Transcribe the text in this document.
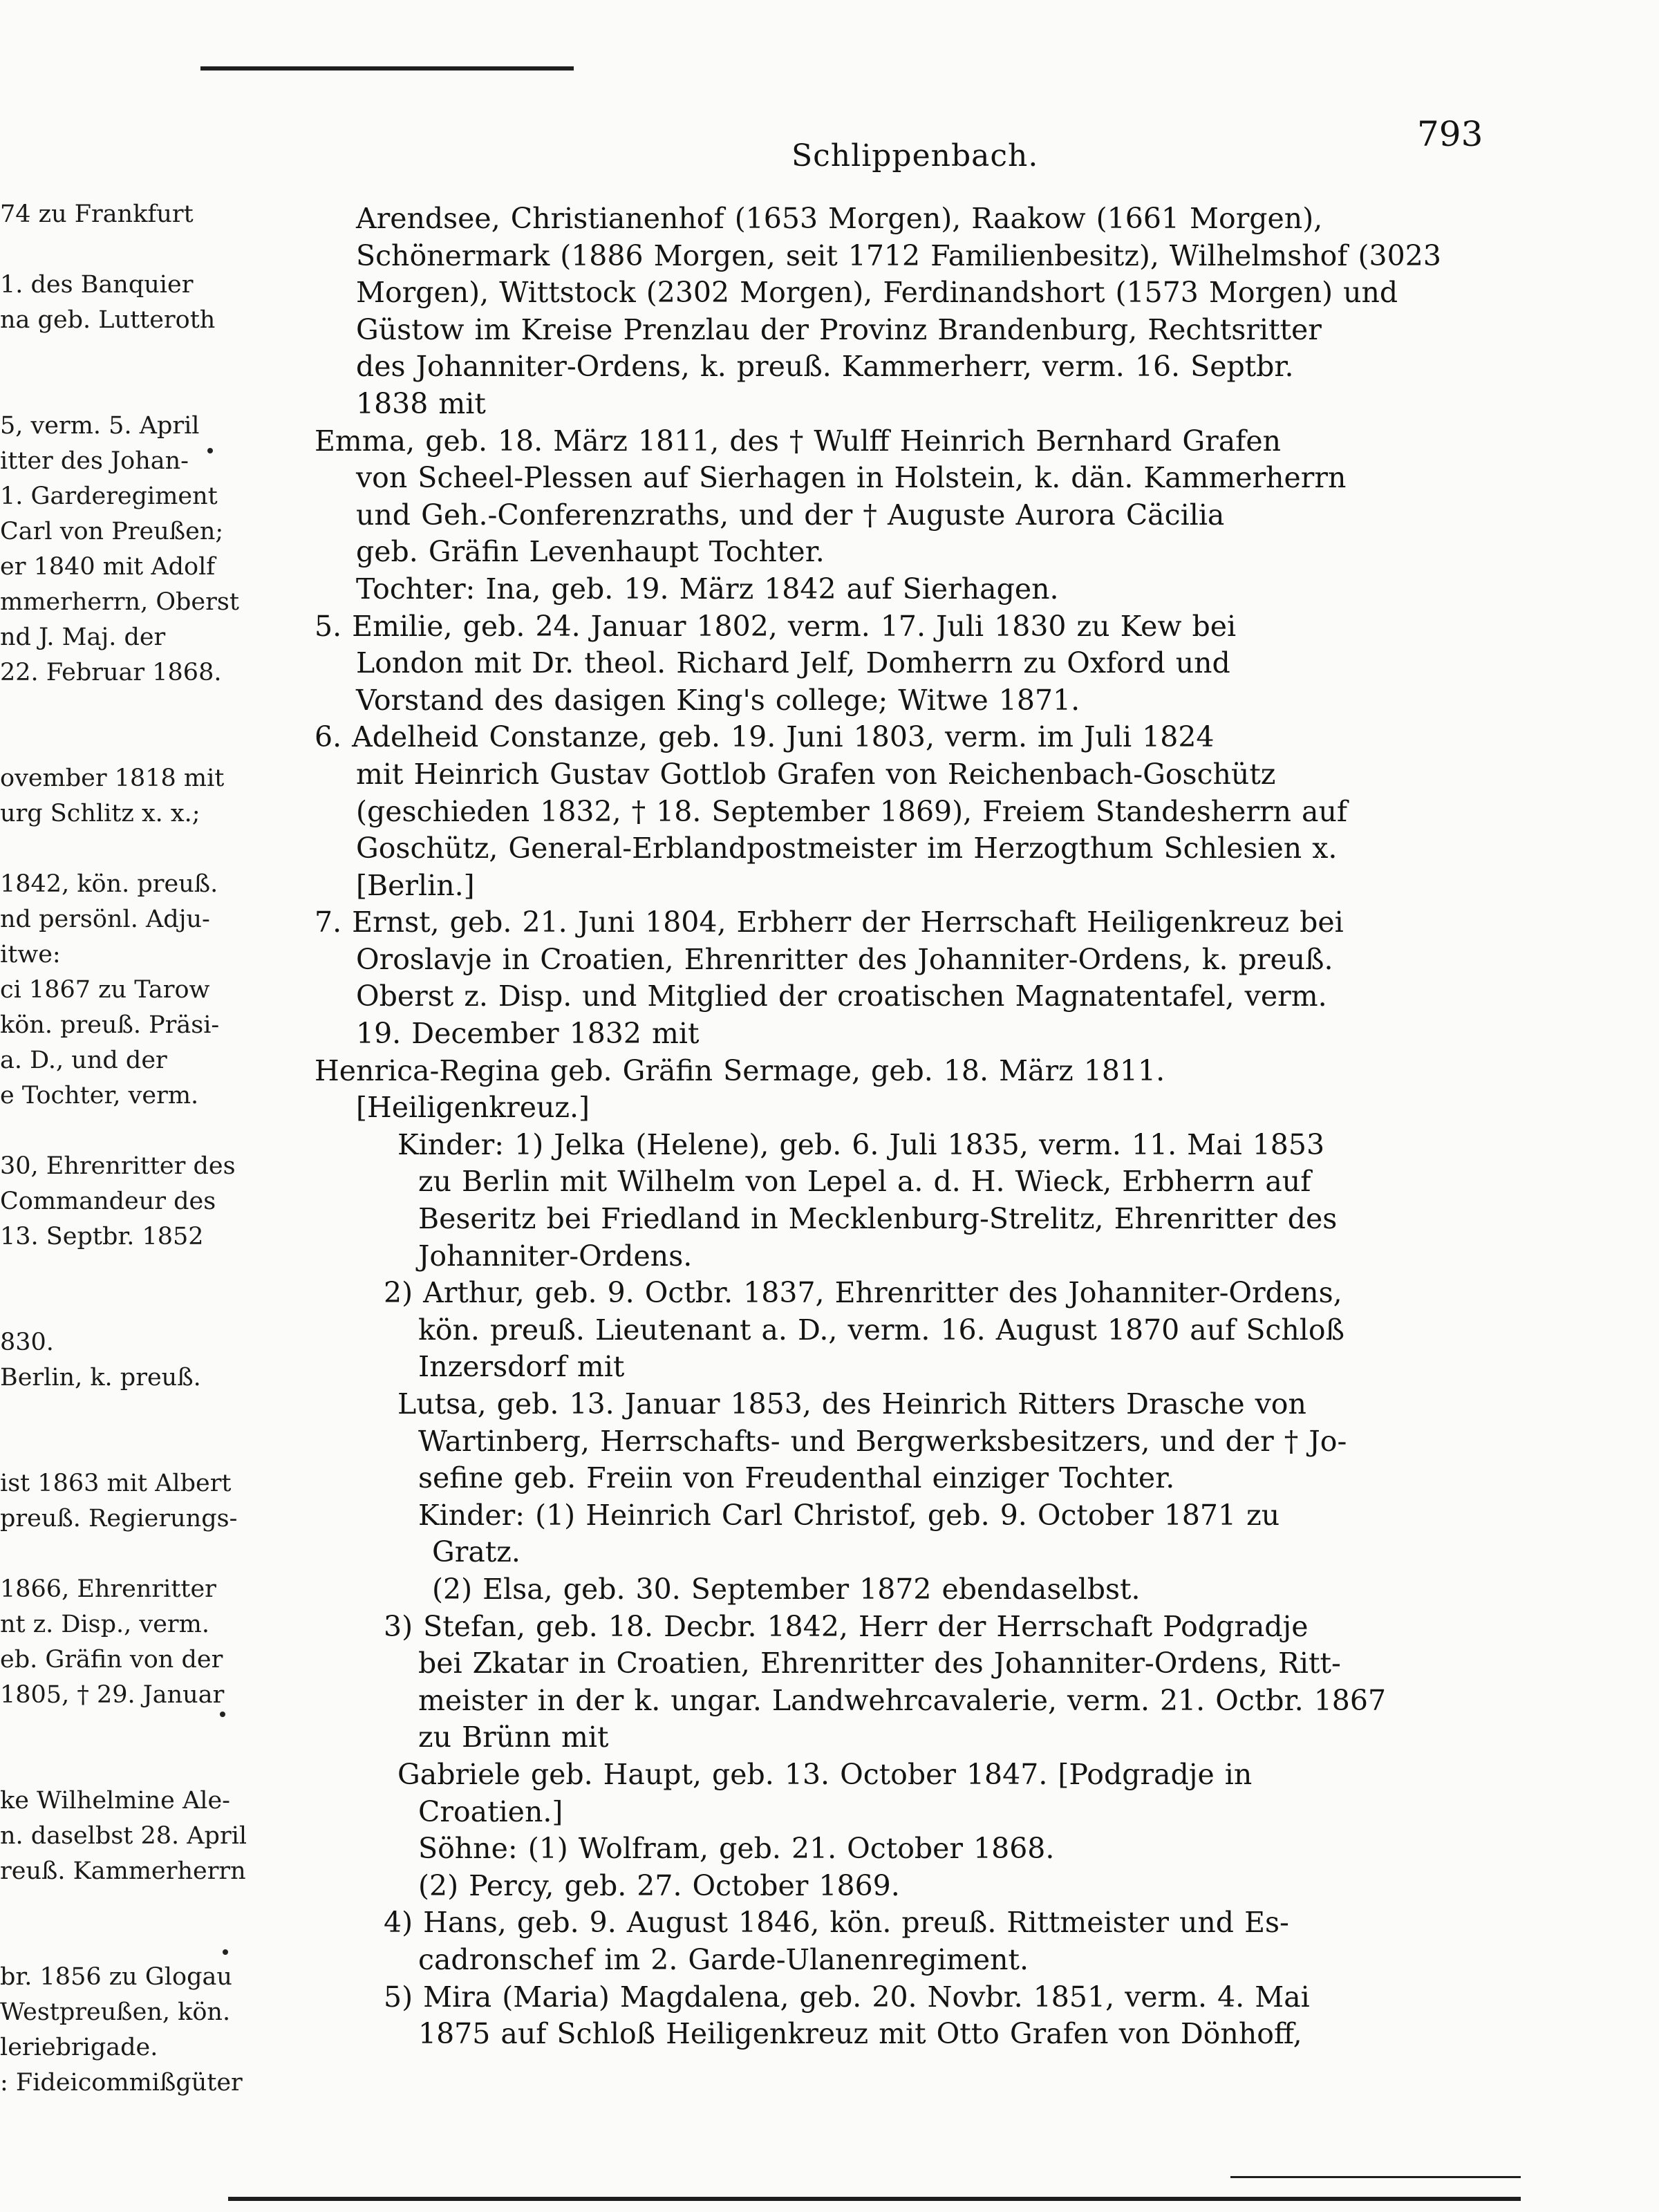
793
Schlippenbach.
74 zu Frankfurt
1. des Banquier
na geb. Lutteroth
5, verm. 5. April
itter des Johan-
1. Garderegiment
Carl von Preußen;
er 1840 mit Adolf
mmerherrn, Oberst
nd J. Maj. der
22. Februar 1868.
ovember 1818 mit
urg Schlitz x. x.;
1842, kön. preuß.
nd persönl. Adju-
itwe:
ci 1867 zu Tarow
kön. preuß. Präsi-
a. D., und der
e Tochter, verm.
30, Ehrenritter des
Commandeur des
13. Septbr. 1852
830.
Berlin, k. preuß.
ist 1863 mit Albert
preuß. Regierungs-
1866, Ehrenritter
nt z. Disp., verm.
eb. Gräfin von der
1805, † 29. Januar
ke Wilhelmine Ale-
n. daselbst 28. April
reuß. Kammerherrn
br. 1856 zu Glogau
Westpreußen, kön.
leriebrigade.
: Fideicommißgüter
Arendsee, Christianenhof (1653 Morgen), Raakow (1661 Morgen),
Schönermark (1886 Morgen, seit 1712 Familienbesitz), Wilhelmshof (3023
Morgen), Wittstock (2302 Morgen), Ferdinandshort (1573 Morgen) und
Güstow im Kreise Prenzlau der Provinz Brandenburg, Rechtsritter
des Johanniter-Ordens, k. preuß. Kammerherr, verm. 16. Septbr.
1838 mit
Emma, geb. 18. März 1811, des † Wulff Heinrich Bernhard Grafen
von Scheel-Plessen auf Sierhagen in Holstein, k. dän. Kammerherrn
und Geh.-Conferenzraths, und der † Auguste Aurora Cäcilia
geb. Gräfin Levenhaupt Tochter.
Tochter: Ina, geb. 19. März 1842 auf Sierhagen.
5. Emilie, geb. 24. Januar 1802, verm. 17. Juli 1830 zu Kew bei
London mit Dr. theol. Richard Jelf, Domherrn zu Oxford und
Vorstand des dasigen King's college; Witwe 1871.
6. Adelheid Constanze, geb. 19. Juni 1803, verm. im Juli 1824
mit Heinrich Gustav Gottlob Grafen von Reichenbach-Goschütz
(geschieden 1832, † 18. September 1869), Freiem Standesherrn auf
Goschütz, General-Erblandpostmeister im Herzogthum Schlesien x.
[Berlin.]
7. Ernst, geb. 21. Juni 1804, Erbherr der Herrschaft Heiligenkreuz bei
Oroslavje in Croatien, Ehrenritter des Johanniter-Ordens, k. preuß.
Oberst z. Disp. und Mitglied der croatischen Magnatentafel, verm.
19. December 1832 mit
Henrica-Regina geb. Gräfin Sermage, geb. 18. März 1811.
[Heiligenkreuz.]
Kinder: 1) Jelka (Helene), geb. 6. Juli 1835, verm. 11. Mai 1853
zu Berlin mit Wilhelm von Lepel a. d. H. Wieck, Erbherrn auf
Beseritz bei Friedland in Mecklenburg-Strelitz, Ehrenritter des
Johanniter-Ordens.
2) Arthur, geb. 9. Octbr. 1837, Ehrenritter des Johanniter-Ordens,
kön. preuß. Lieutenant a. D., verm. 16. August 1870 auf Schloß
Inzersdorf mit
Lutsa, geb. 13. Januar 1853, des Heinrich Ritters Drasche von
Wartinberg, Herrschafts- und Bergwerksbesitzers, und der † Jo-
sefine geb. Freiin von Freudenthal einziger Tochter.
Kinder: (1) Heinrich Carl Christof, geb. 9. October 1871 zu
Gratz.
(2) Elsa, geb. 30. September 1872 ebendaselbst.
3) Stefan, geb. 18. Decbr. 1842, Herr der Herrschaft Podgradje
bei Zkatar in Croatien, Ehrenritter des Johanniter-Ordens, Ritt-
meister in der k. ungar. Landwehrcavalerie, verm. 21. Octbr. 1867
zu Brünn mit
Gabriele geb. Haupt, geb. 13. October 1847. [Podgradje in
Croatien.]
Söhne: (1) Wolfram, geb. 21. October 1868.
(2) Percy, geb. 27. October 1869.
4) Hans, geb. 9. August 1846, kön. preuß. Rittmeister und Es-
cadronschef im 2. Garde-Ulanenregiment.
5) Mira (Maria) Magdalena, geb. 20. Novbr. 1851, verm. 4. Mai
1875 auf Schloß Heiligenkreuz mit Otto Grafen von Dönhoff,
